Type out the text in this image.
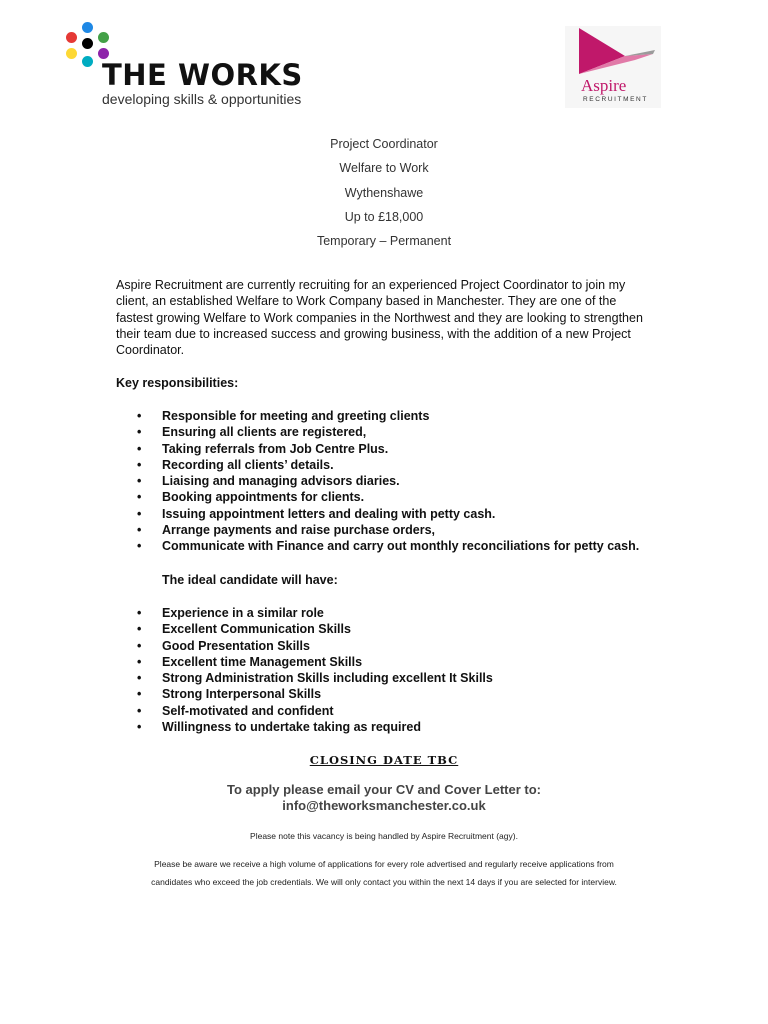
THE WORKS
developing skills & opportunities
Aspire
RECRUITMENT
Project Coordinator
Welfare to Work
Wythenshawe
Up to £18,000
Temporary – Permanent
Aspire Recruitment are currently recruiting for an experienced Project Coordinator to join my client, an established Welfare to Work Company based in Manchester. They are one of the fastest growing Welfare to Work companies in the Northwest and they are looking to strengthen their team due to increased success and growing business, with the addition of a new Project Coordinator.
Key responsibilities:
• Responsible for meeting and greeting clients
• Ensuring all clients are registered,
• Taking referrals from Job Centre Plus.
• Recording all clients’ details.
• Liaising and managing advisors diaries.
• Booking appointments for clients.
• Issuing appointment letters and dealing with petty cash.
• Arrange payments and raise purchase orders,
• Communicate with Finance and carry out monthly reconciliations for petty cash.
The ideal candidate will have:
• Experience in a similar role
• Excellent Communication Skills
• Good Presentation Skills
• Excellent time Management Skills
• Strong Administration Skills including excellent It Skills
• Strong Interpersonal Skills
• Self-motivated and confident
• Willingness to undertake taking as required
CLOSING DATE TBC
To apply please email your CV and Cover Letter to:
info@theworksmanchester.co.uk
Please note this vacancy is being handled by Aspire Recruitment (agy).
Please be aware we receive a high volume of applications for every role advertised and regularly receive applications from
candidates who exceed the job credentials. We will only contact you within the next 14 days if you are selected for interview.
